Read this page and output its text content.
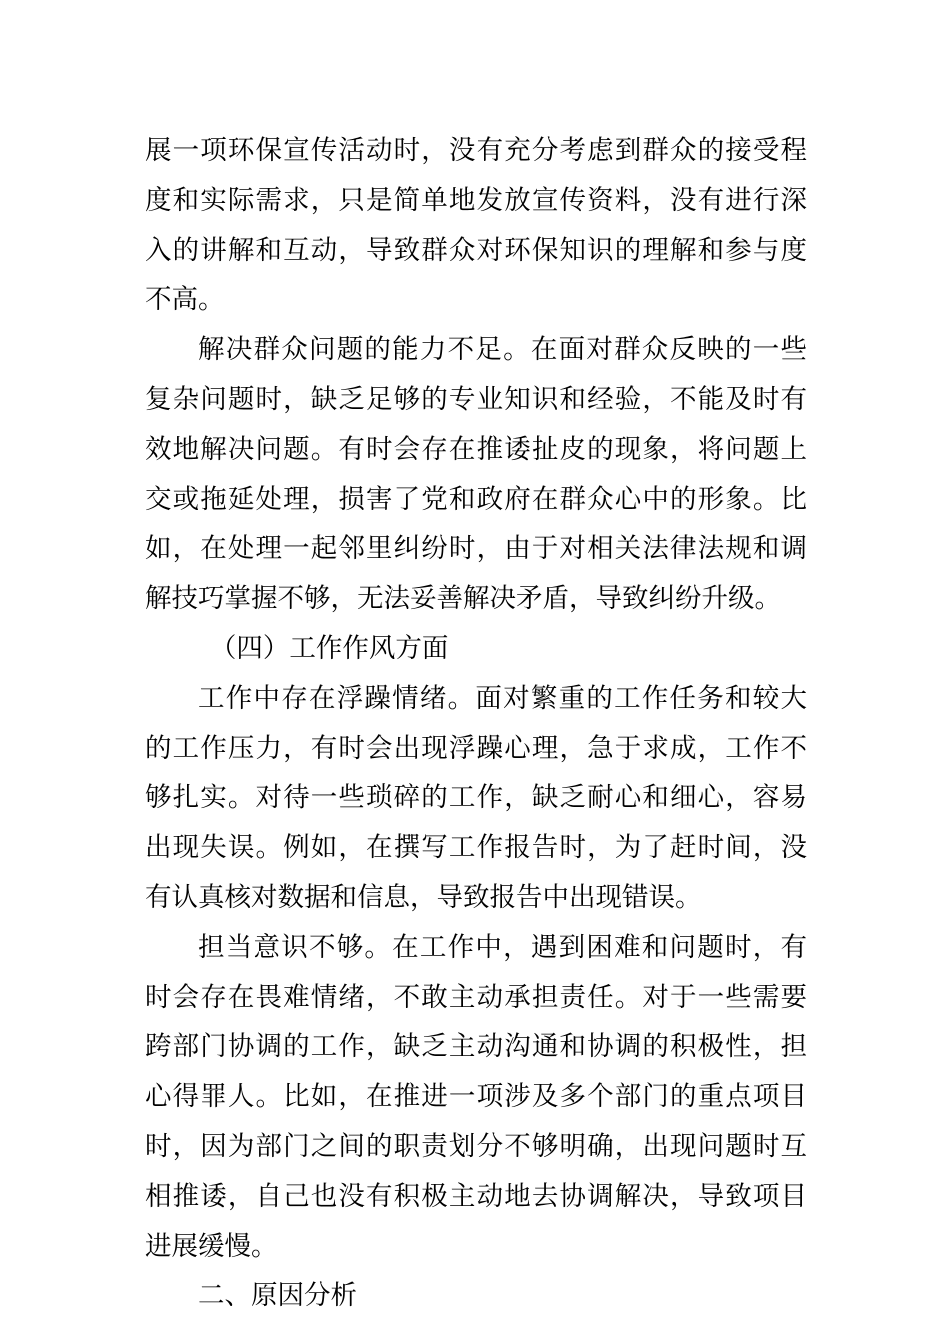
展一项环保宣传活动时，没有充分考虑到群众的接受程度和实际需求，只是简单地发放宣传资料，没有进行深入的讲解和互动，导致群众对环保知识的理解和参与度不高。

解决群众问题的能力不足。在面对群众反映的一些复杂问题时，缺乏足够的专业知识和经验，不能及时有效地解决问题。有时会存在推诿扯皮的现象，将问题上交或拖延处理，损害了党和政府在群众心中的形象。比如，在处理一起邻里纠纷时，由于对相关法律法规和调解技巧掌握不够，无法妥善解决矛盾，导致纠纷升级。

（四）工作作风方面

工作中存在浮躁情绪。面对繁重的工作任务和较大的工作压力，有时会出现浮躁心理，急于求成，工作不够扎实。对待一些琐碎的工作，缺乏耐心和细心，容易出现失误。例如，在撰写工作报告时，为了赶时间，没有认真核对数据和信息，导致报告中出现错误。

担当意识不够。在工作中，遇到困难和问题时，有时会存在畏难情绪，不敢主动承担责任。对于一些需要跨部门协调的工作，缺乏主动沟通和协调的积极性，担心得罪人。比如，在推进一项涉及多个部门的重点项目时，因为部门之间的职责划分不够明确，出现问题时互相推诿，自己也没有积极主动地去协调解决，导致项目进展缓慢。

二、原因分析
